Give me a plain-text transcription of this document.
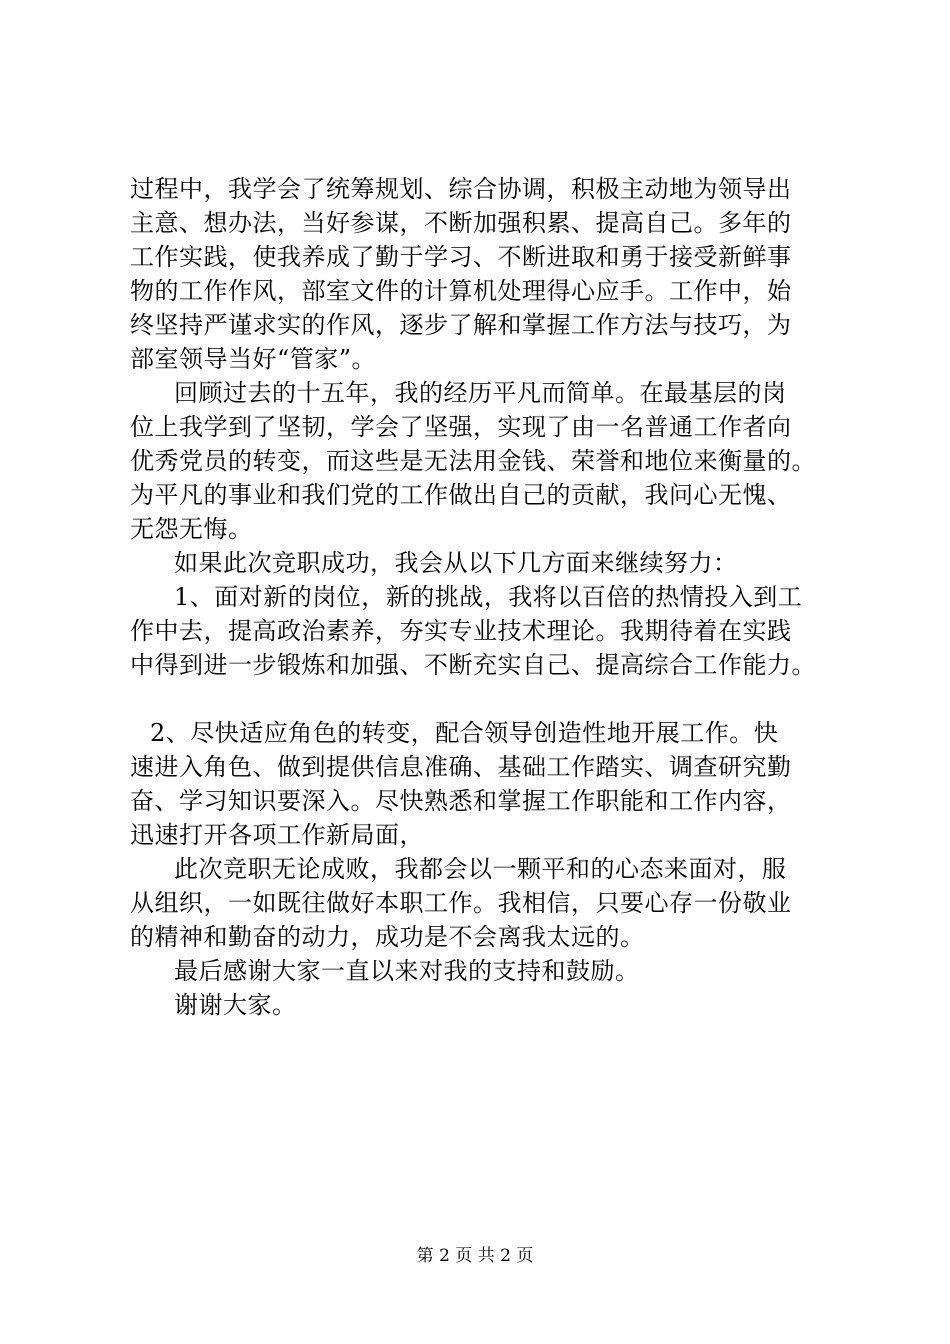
过程中，我学会了统筹规划、综合协调，积极主动地为领导出
主意、想办法，当好参谋，不断加强积累、提高自己。多年的
工作实践，使我养成了勤于学习、不断进取和勇于接受新鲜事
物的工作作风，部室文件的计算机处理得心应手。工作中，始
终坚持严谨求实的作风，逐步了解和掌握工作方法与技巧，为
部室领导当好“管家”。
回顾过去的十五年，我的经历平凡而简单。在最基层的岗
位上我学到了坚韧，学会了坚强，实现了由一名普通工作者向
优秀党员的转变，而这些是无法用金钱、荣誉和地位来衡量的。
为平凡的事业和我们党的工作做出自己的贡献，我问心无愧、
无怨无悔。
如果此次竞职成功，我会从以下几方面来继续努力：
1、面对新的岗位，新的挑战，我将以百倍的热情投入到工
作中去，提高政治素养，夯实专业技术理论。我期待着在实践
中得到进一步锻炼和加强、不断充实自己、提高综合工作能力。
2、尽快适应角色的转变，配合领导创造性地开展工作。快
速进入角色、做到提供信息准确、基础工作踏实、调查研究勤
奋、学习知识要深入。尽快熟悉和掌握工作职能和工作内容，
迅速打开各项工作新局面，
此次竞职无论成败，我都会以一颗平和的心态来面对，服
从组织，一如既往做好本职工作。我相信，只要心存一份敬业
的精神和勤奋的动力，成功是不会离我太远的。
最后感谢大家一直以来对我的支持和鼓励。
谢谢大家。
第 2 页 共 2 页
